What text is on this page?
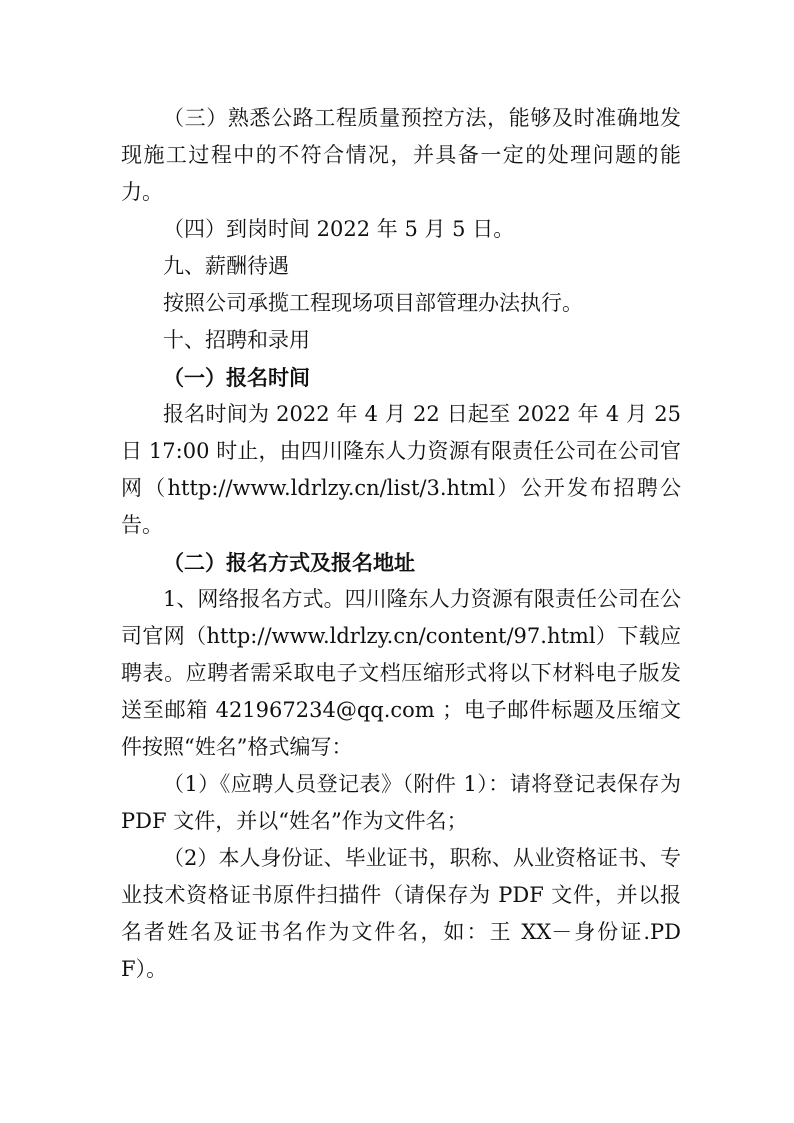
（三）熟悉公路工程质量预控方法，能够及时准确地发现施工过程中的不符合情况，并具备一定的处理问题的能力。

（四）到岗时间 2022 年 5 月 5 日。

九、薪酬待遇

按照公司承揽工程现场项目部管理办法执行。

十、招聘和录用

（一）报名时间

报名时间为 2022 年 4 月 22 日起至 2022 年 4 月 25 日 17:00 时止，由四川隆东人力资源有限责任公司在公司官网（http://www.ldrlzy.cn/list/3.html）公开发布招聘公告。

（二）报名方式及报名地址

1、网络报名方式。四川隆东人力资源有限责任公司在公司官网（http://www.ldrlzy.cn/content/97.html）下载应聘表。应聘者需采取电子文档压缩形式将以下材料电子版发送至邮箱 421967234@qq.com ；电子邮件标题及压缩文件按照“姓名”格式编写：

（1）《应聘人员登记表》（附件 1）：请将登记表保存为 PDF 文件，并以“姓名”作为文件名；

（2）本人身份证、毕业证书，职称、从业资格证书、专业技术资格证书原件扫描件（请保存为 PDF 文件，并以报名者姓名及证书名作为文件名，如：王 XX－身份证.PDF）。
